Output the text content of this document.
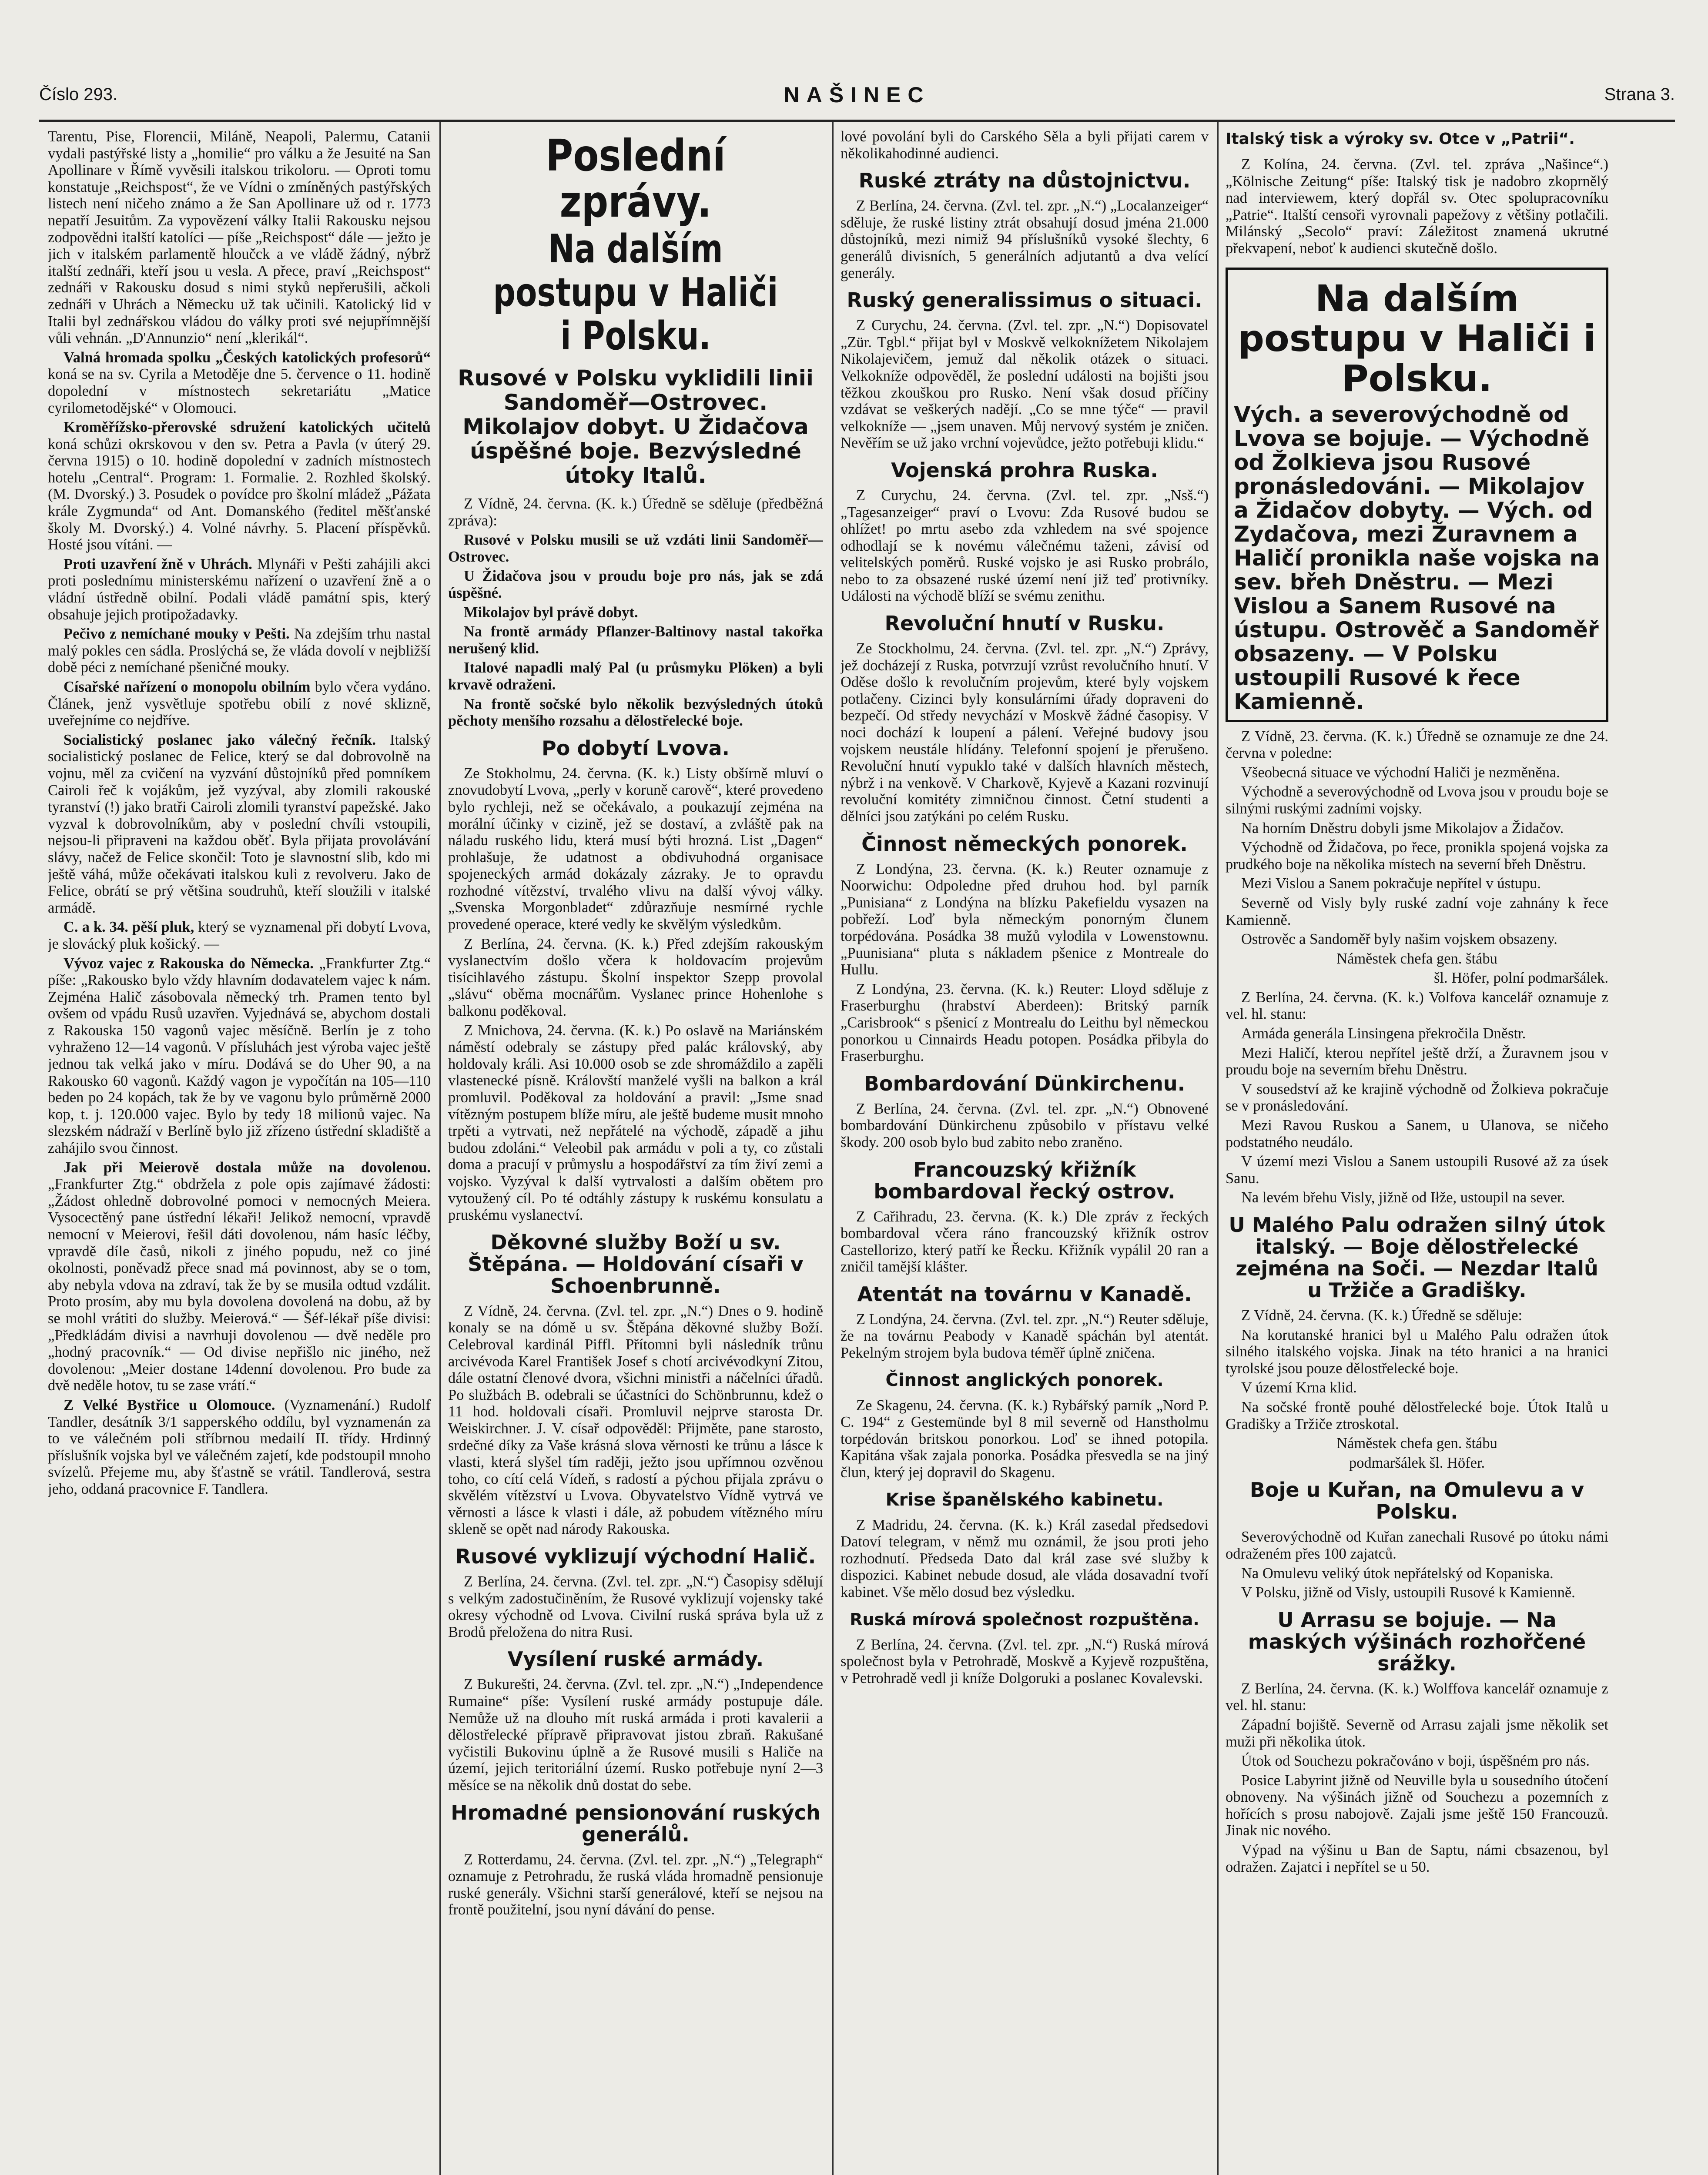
Číslo 293.	NAŠINEC	Strana 3.

Tarentu, Pise, Florencii, Miláně, Neapoli, Palermu, Catanii vydali pastýřské listy a „homilie“ pro válku a že Jesuité na San Apollinare v Římě vyvěsili italskou trikoloru. — Oproti tomu konstatuje „Reichspost“, že ve Vídni o zmíněných pastýřských listech není ničeho známo a že San Apollinare už od r. 1773 nepatří Jesuitům. Za vypovězení války Italii Rakousku nejsou zodpovědni italští katolíci — píše „Reichspost“ dále — ježto je jich v italském parlamentě hloučck a ve vládě žádný, nýbrž italští zednáři, kteří jsou u vesla. A přece, praví „Reichspost“ zednáři v Rakousku dosud s nimi styků nepřerušili, ačkoli zednáři v Uhrách a Německu už tak učinili. Katolický lid v Italii byl zednářskou vládou do války proti své nejupřímnější vůli vehnán. „D'Annunzio“ není „klerikál“.

Valná hromada spolku „Českých katolických profesorů“ koná se na sv. Cyrila a Metoděje dne 5. července o 11. hodině dopolední v místnostech sekretariátu „Matice cyrilometodějské“ v Olomouci.

Kroměřížsko-přerovské sdružení katolických učitelů koná schůzi okrskovou v den sv. Petra a Pavla (v úterý 29. června 1915) o 10. hodině dopolední v zadních místnostech hotelu „Central“. Program: 1. Formalie. 2. Rozhled školský. (M. Dvorský.) 3. Posudek o povídce pro školní mládež „Pážata krále Zygmunda“ od Ant. Domanského (ředitel měšťanské školy M. Dvorský.) 4. Volné návrhy. 5. Placení příspěvků. Hosté jsou vítáni. —

Proti uzavření žně v Uhrách. Mlynáři v Pešti zahájili akci proti poslednímu ministerskému nařízení o uzavření žně a o vládní ústředně obilní. Podali vládě památní spis, který obsahuje jejich protipožadavky.

Pečivo z nemíchané mouky v Pešti. Na zdejším trhu nastal malý pokles cen sádla. Prosl‌ýchá se, že vláda dovolí v nejbližší době péci z nemíchané pšeničné mouky.

Císařské nařízení o monopolu obilním bylo včera vydáno. Článek, jenž vysvětluje spotřebu obilí z nové sklizně, uveřejníme co nejdříve.

Socialistický poslanec jako válečný řečník. Italský socialistický poslanec de Felice, který se dal dobrovolně na vojnu, měl za cvičení na vyzvání důstojníků před pomníkem Cairoli řeč k vojákům, jež vyzýval, aby zlomili rakouské tyranství (!) jako bratři Cairoli zlomili tyranství papežské. Jako vyzval k dobrovolníkům, aby v poslední chvíli vstoupili, nejsou-li připraveni na každou oběť. Byla přijata provolávání slávy, načež de Felice skončil: Toto je slavnostní slib, kdo mi ještě váhá, může očekávati italskou kuli z revolveru. Jako de Felice, obrátí se prý většina soudruhů, kteří sloužili v italské armádě.

C. a k. 34. pěší pluk, který se vyznamenal při dobytí Lvova, je slovácký pluk košický. —

Vývoz vajec z Rakouska do Německa. „Frankfurter Ztg.“ píše: „Rakousko bylo vždy hlavním dodavatelem vajec k nám. Zejména Halič zásobovala německý trh. Pramen tento byl ovšem od vpádu Rusů uzavřen. Vyjednává se, abychom dostali z Rakouska 150 vagonů vajec měsíčně. Berlín je z toho vyhraženo 12—14 vagonů. V přísluhách jest výroba vajec ještě jednou tak velká jako v míru. Dodává se do Uher 90, a na Rakousko 60 vagonů. Každý vagon je vypočítán na 105—110 beden po 24 kopách, tak že by ve vagonu bylo průměrně 2000 kop, t. j. 120.000 vajec. Bylo by tedy 18 milionů vajec. Na slezském nádraží v Berlíně bylo již zřízeno ústřední skladiště a zahájilo svou činnost.

Jak při Meierově dostala může na dovolenou. „Frankfurter Ztg.“ obdržela z pole opis zajímavé žádosti: „Žádost ohledně dobrovolné pomoci v nemocných Meiera. Vysocectěný pane ústřední lékaři! Jelikož nemocní, vpravdě nemocní v Meierovi, řešil dáti dovolenou, nám hasíc léčby, vpravdě díle časů, nikoli z jiného popudu, než co jiné okolnosti, poněvadž přece snad má povinnost, aby se o tom, aby nebyla vdova na zdraví, tak že by se musila odtud vzdálit. Proto prosím, aby mu byla dovolena dovolená na dobu, až by se mohl vrátiti do služby. Meierová.“ — Šéf-lékař píše divisi: „Předkládám divisi a navrhuji dovolenou — dvě neděle pro „hodný pracovník.“ — Od divise nepřišlo nic jiného, než dovolenou: „Meier dostane 14denní dovolenou. Pro bude za dvě neděle hotov, tu se zase vrátí.“

Z Velké Bystřice u Olomouce. (Vyznamenání.) Rudolf Tandler, desátník 3/1 sapperského oddílu, byl vyznamenán za to ve válečném poli stříbrnou medailí II. třídy. Hrdinný příslušník vojska byl ve válečném zajetí, kde podstoupil mnoho svízelů. Přejeme mu, aby šťastně se vrátil. Tandlerová, sestra jeho, oddaná pracovnice F. Tandlera.

Poslední zprávy.
Na dalším postupu v Haliči i Polsku.
Rusové v Polsku vyklidili linii Sandoměř—Ostrovec. Mikolajov dobyt. U Židačova úspěšné boje. Bezvýsledné útoky Italů.

Z Vídně, 24. června. (K. k.) Úředně se sděluje (předběžná zpráva):

Rusové v Polsku musili se už vzdáti linii Sandoměř—Ostrovec.

U Židačova jsou v proudu boje pro nás, jak se zdá úspěšné.

Mikolajov byl právě dobyt.

Na frontě armády Pflanzer-Baltinovy nastal takořka nerušený klid.

Italové napadli malý Pal (u průsmyku Plöken) a byli krvavě odraženi.

Na frontě sočské bylo několik bezvýsledných útoků pěchoty menšího rozsahu a dělostřelecké boje.

Po dobytí Lvova.

Ze Stokholmu, 24. června. (K. k.) Listy obšírně mluví o znovudobytí Lvova, „perly v koruně carově“, které provedeno bylo rychleji, než se očekávalo, a poukazují zejména na morální účinky v cizině, jež se dostaví, a zvláště pak na náladu ruského lidu, která musí býti hrozná. List „Dagen“ prohlašuje, že udatnost a obdivuhodná organisace spojeneckých armád dokázaly zázraky. Je to opravdu rozhodné vítězství, trvalého vlivu na další vývoj války. „Svenska Morgonbladet“ zdůrazňuje nesmírné rychle provedené operace, které vedly ke skvělým výsledkům.

Z Berlína, 24. června. (K. k.) Před zdejším rakouským vyslanectvím došlo včera k holdovacím projevům tisícihlavého zástupu. Školní inspektor Szepp provolal „slávu“ oběma mocnářům. Vyslanec prince Hohenlohe s balkonu poděkoval.

Z Mnichova, 24. června. (K. k.) Po oslavě na Mariánském náměstí odebraly se zástupy před palác královský, aby holdovaly králi. Asi 10.000 osob se zde shromáždilo a zapěli vlastenecké písně. Královští manželé vyšli na balkon a král promluvil. Poděkoval za holdování a pravil: „Jsme snad vítězným postupem blíže míru, ale ještě budeme musit mnoho trpěti a vytrvati, než nepřátelé na východě, západě a jihu budou zdoláni.“ Veleobil pak armádu v poli a ty, co zůstali doma a pracují v průmyslu a hospodářství za tím živí zemi a vojsko. Vyzýval k další vytrvalosti a dalším obětem pro vytoužený cíl. Po té odtáhly zástupy k ruskému konsulatu a pruskému vyslanectví.

Děkovné služby Boží u sv. Štěpána. — Holdování císaři v Schoenbrunně.

Z Vídně, 24. června. (Zvl. tel. zpr. „N.“) Dnes o 9. hodině konaly se na dómě u sv. Štěpána děkovné služby Boží. Celebroval kardinál Piffl. Přítomni byli následník trůnu arcivévoda Karel František Josef s chotí arcivévodkyní Zitou, dále ostatní členové dvora, všichni ministři a náčelníci úřadů. Po službách B. odebrali se účastníci do Schönbrunnu, kdež o 11 hod. holdovali císaři. Promluvil nejprve starosta Dr. Weiskirchner. J. V. císař odpověděl: Přijměte, pane starosto, srdečné díky za Vaše krásná slova věrnosti ke trůnu a lásce k vlasti, která slyšel tím raději, ježto jsou upřímnou ozvěnou toho, co cítí celá Vídeň, s radostí a pýchou přijala zprávu o skvělém vítězství u Lvova. Obyvatelstvo Vídně vytrvá ve věrnosti a lásce k vlasti i dále, až pobudem vítězného míru skleně se opět nad národy Rakouska.

Rusové vyklizují východní Halič.

Z Berlína, 24. června. (Zvl. tel. zpr. „N.“) Časopisy sdělují s velkým zadostučiněním, že Rusové vyklizují vojensky také okresy východně od Lvova. Civilní ruská správa byla už z Brodů přeložena do nitra Rusi.

Vysílení ruské armády.

Z Bukurešti, 24. června. (Zvl. tel. zpr. „N.“) „Independence Rumaine“ píše: Vysílení ruské armády postupuje dále. Nemůže už na dlouho mít ruská armáda i proti kavalerii a dělostřelecké přípravě připravovat jistou zbraň. Rakušané vyčistili Bukovinu úplně a že Rusové musili s Haliče na území, jejich teritoriální území. Rusko potřebuje nyní 2—3 měsíce se na několik dnů dostat do sebe.

Hromadné pensionování ruských generálů.

Z Rotterdamu, 24. června. (Zvl. tel. zpr. „N.“) „Telegraph“ oznamuje z Petrohradu, že ruská vláda hromadně pensionuje ruské generály. Všichni starší generálové, kteří se nejsou na frontě použitelní, jsou nyní dávání do pense.

lové povolání byli do Carského Sěla a byli přijati carem v několikahodinné audienci.

Ruské ztráty na důstojnictvu.

Z Berlína, 24. června. (Zvl. tel. zpr. „N.“) „Localanzeiger“ sděluje, že ruské listiny ztrát obsahují dosud jména 21.000 důstojníků, mezi nimiž 94 příslušníků vysoké šlechty, 6 generálů divisních, 5 generálních adjutantů a dva velící generály.

Ruský generalissimus o situaci.

Z Curychu, 24. června. (Zvl. tel. zpr. „N.“) Dopisovatel „Zür. Tgbl.“ přijat byl v Moskvě velkoknížetem Nikolajem Nikolajevičem, jemuž dal několik otázek o situaci. Velkokníže odpověděl, že poslední události na bojišti jsou těžkou zkouškou pro Rusko. Není však dosud příčiny vzdávat se veškerých nadějí. „Co se mne týče“ — pravil velkokníže — „jsem unaven. Můj nervový systém je zničen. Nevěřím se už jako vrchní vojevůdce, ježto potřebuji klidu.“

Vojenská prohra Ruska.

Z Curychu, 24. června. (Zvl. tel. zpr. „Nsš.“) „Tagesanzeiger“ praví o Lvovu: Zda Rusové budou se ohlížet! po mrtu asebo zda vzhledem na své spojence odhodlají se k novému válečnému taženi, závisí od velitelských poměrů. Ruské vojsko je asi Rusko probrálo, nebo to za obsazené ruské území není již teď protivníky. Události na východě blíží se svému zenithu.

Revoluční hnutí v Rusku.

Ze Stockholmu, 24. června. (Zvl. tel. zpr. „N.“) Zprávy, jež docházejí z Ruska, potvrzují vzrůst revolučního hnutí. V Oděse došlo k revolučním projevům, které byly vojskem potlačeny. Cizinci byly konsulárními úřady dopraveni do bezpečí. Od středy nevychází v Moskvě žádné časopisy. V noci dochází k loupení a pálení. Veřejné budovy jsou vojskem neustále hlídány. Telefonní spojení je přerušeno. Revoluční hnutí vypuklo také v dalších hlavních městech, nýbrž i na venkově. V Charkově, Kyjevě a Kazani rozvinují revoluční komitéty zimničnou činnost. Četní studenti a dělníci jsou zatýkáni po celém Rusku.

Činnost německých ponorek.

Z Londýna, 23. června. (K. k.) Reuter oznamuje z Noorwichu: Odpoledne před druhou hod. byl parník „Punisiana“ z Londýna na blízku Pakefieldu vysazen na pobřeží. Loď byla německým ponorným člunem torpédována. Posádka 38 mužů vylodila v Lowenstownu. „Puunisiana“ pluta s nákladem pšenice z Montreale do Hullu.

Z Londýna, 23. června. (K. k.) Reuter: Lloyd sděluje z Fraserburghu (hrabství Aberdeen): Britský parník „Carisbrook“ s pšenicí z Montrealu do Leithu byl německou ponorkou u Cinnairds Headu potopen. Posádka přibyla do Fraserburghu.

Bombardování Dünkirchenu.

Z Berlína, 24. června. (Zvl. tel. zpr. „N.“) Obnovené bombardování Dünkirchenu způsobilo v přístavu velké škody. 200 osob bylo bud zabito nebo zraněno.

Francouzský křižník bombardoval řecký ostrov.

Z Cařihradu, 23. června. (K. k.) Dle zpráv z řeckých bombardoval včera ráno francouzský křižník ostrov Castellorizo, který patří ke Řecku. Křižník vypálil 20 ran a zničil tamější klášter.

Atentát na továrnu v Kanadě.

Z Londýna, 24. června. (Zvl. tel. zpr. „N.“) Reuter sděluje, že na továrnu Peabody v Kanadě spáchán byl atentát. Pekelným strojem byla budova téměř úplně zničena.

Činnost anglických ponorek.

Ze Skagenu, 24. června. (K. k.) Rybářský parník „Nord P. C. 194“ z Gestemünde byl 8 mil severně od Hanstholmu torpédován britskou ponorkou. Loď se ihned potopila. Kapitána však zajala ponorka. Posádka přesvedla se na jiný člun, který jej dopravil do Skagenu.

Krise španělského kabinetu.

Z Madridu, 24. června. (K. k.) Král zasedal předsedovi Datoví telegram, v němž mu oznámil, že jsou proti jeho rozhodnutí. Předseda Dato dal král zase své služby k dispozici. Kabinet nebude dosud, ale vláda dosavadní tvoří kabinet. Vše mělo dosud bez výsledku.

Ruská mírová společnost rozpuštěna.

Z Berlína, 24. června. (Zvl. tel. zpr. „N.“) Ruská mírová společnost byla v Petrohradě, Moskvě a Kyjevě rozpuštěna, v Petrohradě vedl ji kníže Dolgoruki a poslanec Kovalevski.

Italský tisk a výroky sv. Otce v „Patrii“.

Z Kolína, 24. června. (Zvl. tel. zpráva „Našince“.) „Kölnische Zeitung“ píše: Italský tisk je nadobro zkoprnělý nad interviewem, který dopřál sv. Otec spolupracovníku „Patrie“. Italští censoři vyrovnali papežovy z většiny potlačili. Milánský „Secolo“ praví: Záležitost znamená ukrutné překvapení, neboť k audienci skutečně došlo.

Na dalším postupu v Haliči i Polsku.
Vých. a severovýchodně od Lvova se bojuje. — Východně od Žolkieva jsou Rusové pronásledováni. — Mikolajov a Židačov dobyty. — Vých. od Zydačova, mezi Žuravnem a Haličí pronikla naše vojska na sev. břeh Dněstru. — Mezi Vislou a Sanem Rusové na ústupu. Ostrověč a Sandoměř obsazeny. — V Polsku ustoupili Rusové k řece Kamienně.

Z Vídně, 23. června. (K. k.) Úředně se oznamuje ze dne 24. června v poledne:

Všeobecná situace ve východní Haliči je nezměněna.

Východně a severovýchodně od Lvova jsou v proudu boje se silnými ruskými zadními vojsky.

Na horním Dněstru dobyli jsme Mikolajov a Židačov.

Východně od Židačova, po řece, pronikla spojená vojska za prudkého boje na několika místech na severní břeh Dněstru.

Mezi Vislou a Sanem pokračuje nepřítel v ústupu.

Severně od Visly byly ruské zadní voje zahnány k řece Kamienně.

Ostrověc a Sandoměř byly našim vojskem obsazeny.

Náměstek chefa gen. štábu
šl. Höfer, polní podmaršálek.

Z Berlína, 24. června. (K. k.) Volfova kancelář oznamuje z vel. hl. stanu:

Armáda generála Linsingena překročila Dněstr.

Mezi Haličí, kterou nepřítel ještě drží, a Žuravnem jsou v proudu boje na severním břehu Dněstru.

V sousedství až ke krajině východně od Žolkieva pokračuje se v pronásledování.

Mezi Ravou Ruskou a Sanem, u Ulanova, se ničeho podstatného neudálo.

V území mezi Vislou a Sanem ustoupili Rusové až za úsek Sanu.

Na levém břehu Visly, jižně od Iłže, ustoupil na sever.

U Malého Palu odražen silný útok italský. — Boje dělostřelecké zejména na Soči. — Nezdar Italů u Tržiče a Gradišky.

Z Vídně, 24. června. (K. k.) Úředně se sděluje:

Na korutanské hranici byl u Malého Palu odražen útok silného italského vojska. Jinak na této hranici a na hranici tyrolské jsou pouze dělostřelecké boje.

V území Krna klid.

Na sočské frontě pouhé dělostřelecké boje. Útok Italů u Gradišky a Tržiče ztroskotal.

Náměstek chefa gen. štábu
podmaršálek šl. Höfer.
Boje u Kuřan, na Omulevu a v Polsku.

Severovýchodně od Kuřan zanechali Rusové po útoku námi odraženém přes 100 zajatců.

Na Omulevu veliký útok nepřátelský od Kopaniska.

V Polsku, jižně od Visly, ustoupili Rusové k Kamienně.

U Arrasu se bojuje. — Na maských výšinách rozhořčené srážky.

Z Berlína, 24. června. (K. k.) Wolffova kancelář oznamuje z vel. hl. stanu:

Západní bojiště. Severně od Arrasu zajali jsme několik set muži při několika útok.

Útok od Souchezu pokračováno v boji, úspěšném pro nás.

Posice Labyrint jižně od Neuville byla u sousedního útočení obnoveny. Na výšinách jižně od Souchezu a pozemních z hořících s prosu nabojově. Zajali jsme ještě 150 Francouzů. Jinak nic nového.

Výpad na výšinu u Ban de Saptu, námi cbsazenou, byl odražen. Zajatci i nepřítel se u 50.
